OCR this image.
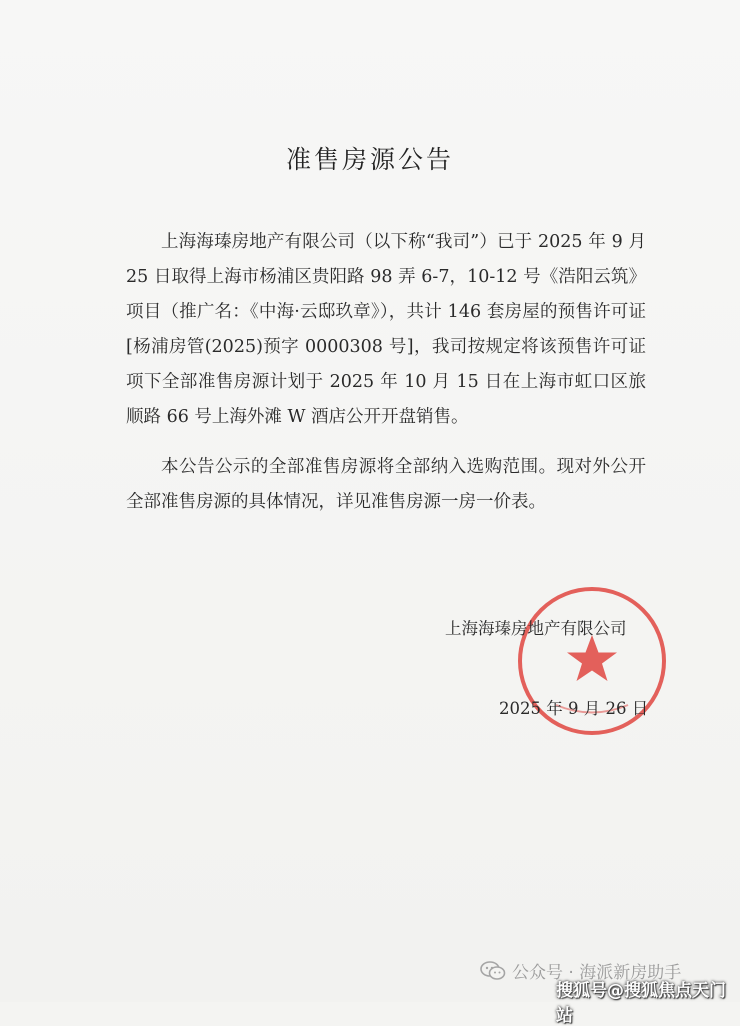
准售房源公告

上海海瑧房地产有限公司（以下称“我司”）已于 2025 年 9 月 25 日取得上海市杨浦区贵阳路 98 弄 6-7，10-12 号《浩阳云筑》项目（推广名：《中海·云邸玖章》），共计 146 套房屋的预售许可证[杨浦房管(2025)预字 0000308 号]，我司按规定将该预售许可证项下全部准售房源计划于 2025 年 10 月 15 日在上海市虹口区旅顺路 66 号上海外滩 W 酒店公开开盘销售。

本公告公示的全部准售房源将全部纳入选购范围。现对外公开全部准售房源的具体情况，详见准售房源一房一价表。

上海海瑧房地产有限公司
2025 年 9 月 26 日
公众号 · 海派新房助手
搜狐号@搜狐焦点天门站
